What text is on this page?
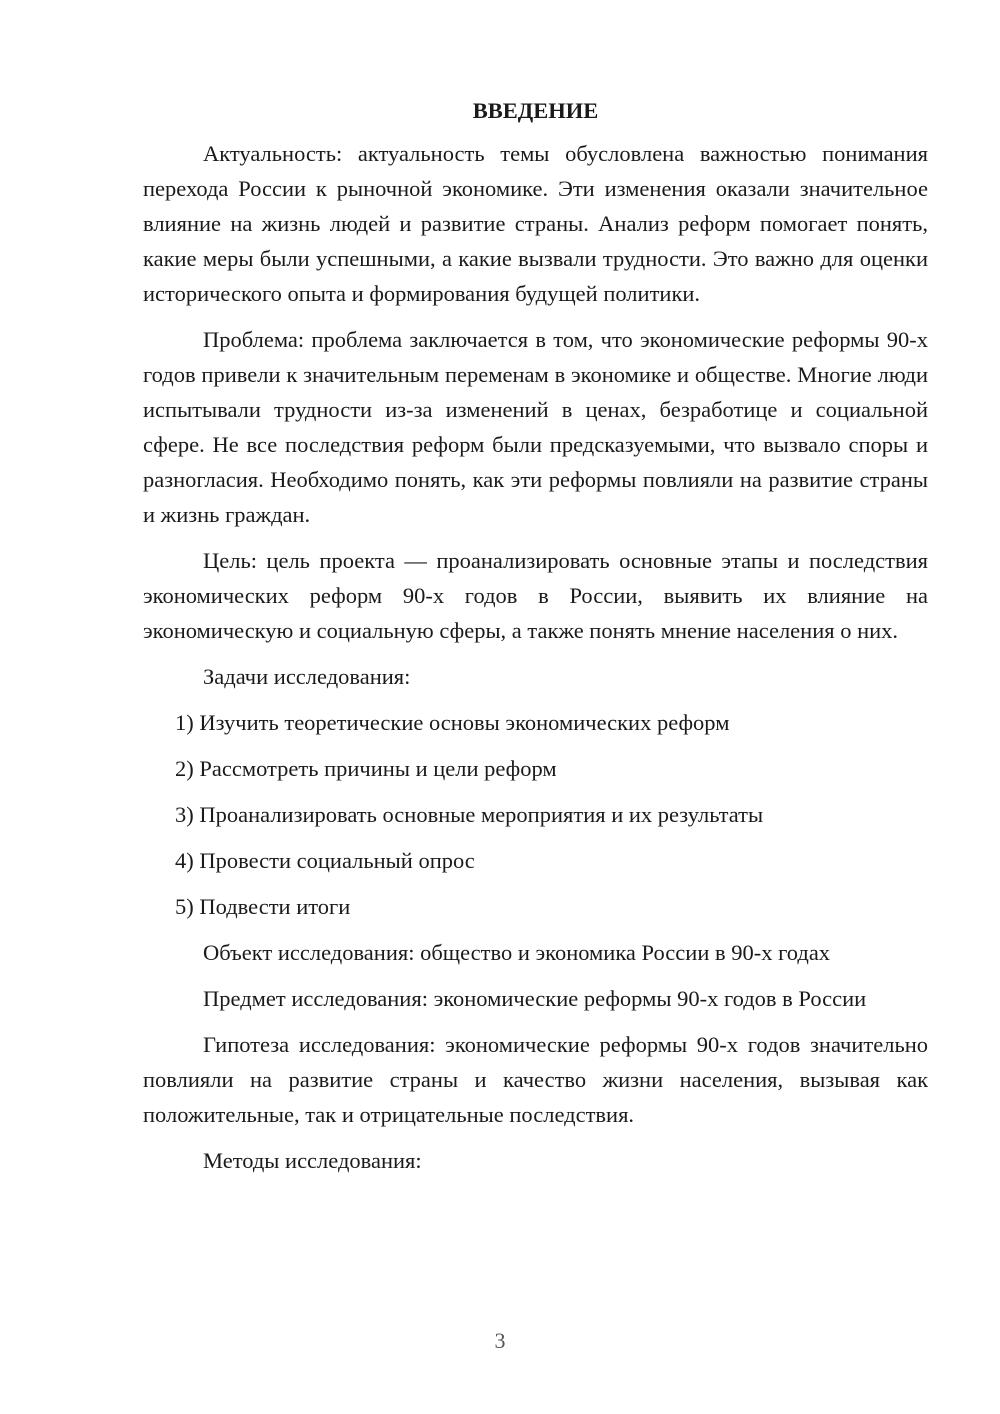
ВВЕДЕНИЕ

Актуальность: актуальность темы обусловлена важностью понимания перехода России к рыночной экономике. Эти изменения оказали значительное влияние на жизнь людей и развитие страны. Анализ реформ помогает понять, какие меры были успешными, а какие вызвали трудности. Это важно для оценки исторического опыта и формирования будущей политики.

Проблема: проблема заключается в том, что экономические реформы 90-х годов привели к значительным переменам в экономике и обществе. Многие люди испытывали трудности из-за изменений в ценах, безработице и социальной сфере. Не все последствия реформ были предсказуемыми, что вызвало споры и разногласия. Необходимо понять, как эти реформы повлияли на развитие страны и жизнь граждан.

Цель: цель проекта — проанализировать основные этапы и последствия экономических реформ 90-х годов в России, выявить их влияние на экономическую и социальную сферы, а также понять мнение населения о них.

Задачи исследования:

1) Изучить теоретические основы экономических реформ

2) Рассмотреть причины и цели реформ

3) Проанализировать основные мероприятия и их результаты

4) Провести социальный опрос

5) Подвести итоги

Объект исследования: общество и экономика России в 90-х годах

Предмет исследования: экономические реформы 90-х годов в России

Гипотеза исследования: экономические реформы 90-х годов значительно повлияли на развитие страны и качество жизни населения, вызывая как положительные, так и отрицательные последствия.

Методы исследования:

3
